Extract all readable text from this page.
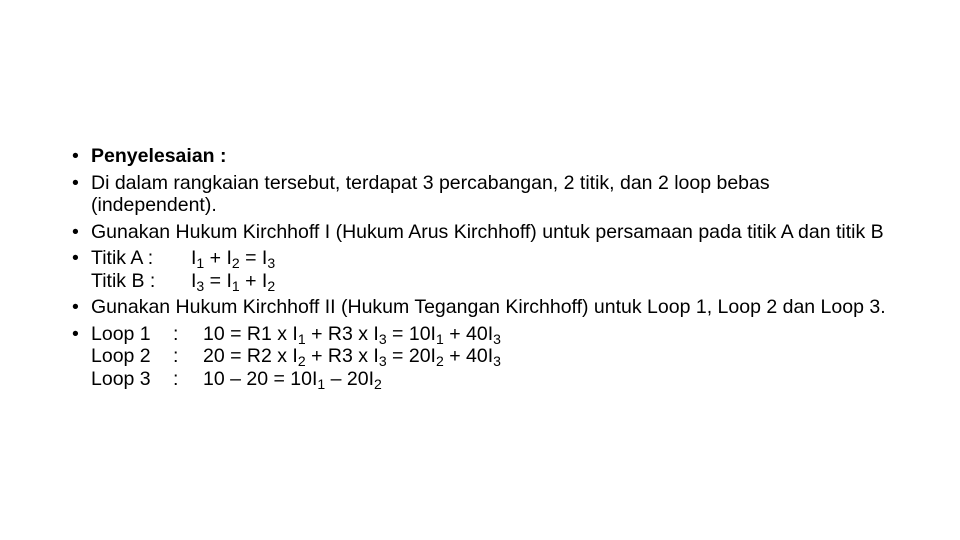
• Penyelesaian :
• Di dalam rangkaian tersebut, terdapat 3 percabangan, 2 titik, dan 2 loop bebas (independent).
• Gunakan Hukum Kirchhoff I (Hukum Arus Kirchhoff) untuk persamaan pada titik A dan titik B
• Titik A : $I_1 + I_2 = I_3$
Titik B : $I_3 = I_1 + I_2$
• Gunakan Hukum Kirchhoff II (Hukum Tegangan Kirchhoff) untuk Loop 1, Loop 2 dan Loop 3.
• Loop 1 : 10 = R1 x $I_1 + R3$ x $I_3 = 10I_1 + 40I_3$
Loop 2 : 20 = R2 x $I_2 + R3$ x $I_3 = 20I_2 + 40I_3$
Loop 3 : $10 - 20 = 10I_1 - 20I_2$
